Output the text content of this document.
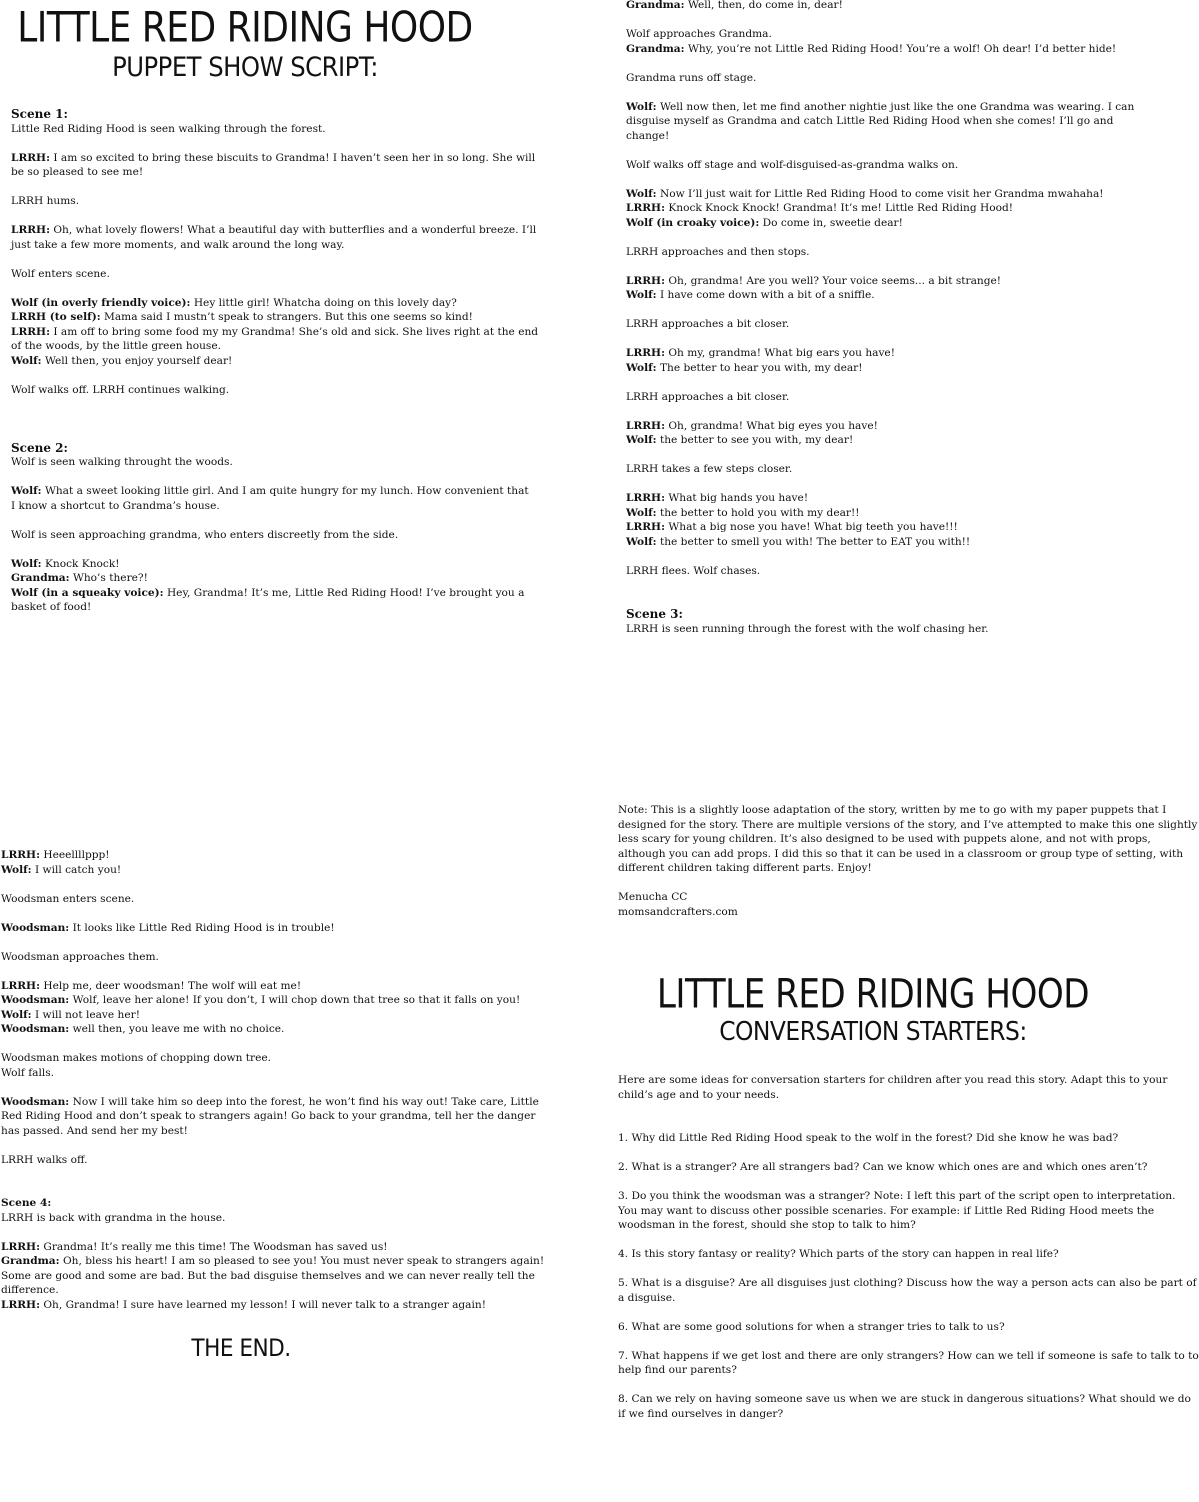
LITTLE RED RIDING HOOD
PUPPET SHOW SCRIPT:
Scene 1:
Little Red Riding Hood is seen walking through the forest.
LRRH: I am so excited to bring these biscuits to Grandma! I haven’t seen her in so long. She will
be so pleased to see me!
LRRH hums.
LRRH: Oh, what lovely flowers! What a beautiful day with butterflies and a wonderful breeze. I’ll
just take a few more moments, and walk around the long way.
Wolf enters scene.
Wolf (in overly friendly voice): Hey little girl! Whatcha doing on this lovely day?
LRRH (to self): Mama said I mustn’t speak to strangers. But this one seems so kind!
LRRH: I am off to bring some food my my Grandma! She’s old and sick. She lives right at the end
of the woods, by the little green house.
Wolf: Well then, you enjoy yourself dear!
Wolf walks off. LRRH continues walking.
Scene 2:
Wolf is seen walking throught the woods.
Wolf: What a sweet looking little girl. And I am quite hungry for my lunch. How convenient that
I know a shortcut to Grandma’s house.
Wolf is seen approaching grandma, who enters discreetly from the side.
Wolf: Knock Knock!
Grandma: Who’s there?!
Wolf (in a squeaky voice): Hey, Grandma! It’s me, Little Red Riding Hood! I’ve brought you a
basket of food!
Grandma: Well, then, do come in, dear!
Wolf approaches Grandma.
Grandma: Why, you’re not Little Red Riding Hood! You’re a wolf! Oh dear! I’d better hide!
Grandma runs off stage.
Wolf: Well now then, let me find another nightie just like the one Grandma was wearing. I can
disguise myself as Grandma and catch Little Red Riding Hood when she comes! I’ll go and
change!
Wolf walks off stage and wolf-disguised-as-grandma walks on.
Wolf: Now I’ll just wait for Little Red Riding Hood to come visit her Grandma mwahaha!
LRRH: Knock Knock Knock! Grandma! It’s me! Little Red Riding Hood!
Wolf (in croaky voice): Do come in, sweetie dear!
LRRH approaches and then stops.
LRRH: Oh, grandma! Are you well? Your voice seems... a bit strange!
Wolf: I have come down with a bit of a sniffle.
LRRH approaches a bit closer.
LRRH: Oh my, grandma! What big ears you have!
Wolf: The better to hear you with, my dear!
LRRH approaches a bit closer.
LRRH: Oh, grandma! What big eyes you have!
Wolf: the better to see you with, my dear!
LRRH takes a few steps closer.
LRRH: What big hands you have!
Wolf: the better to hold you with my dear!!
LRRH: What a big nose you have! What big teeth you have!!!
Wolf: the better to smell you with! The better to EAT you with!!
LRRH flees. Wolf chases.
Scene 3:
LRRH is seen running through the forest with the wolf chasing her.
LRRH: Heeellllppp!
Wolf: I will catch you!
Woodsman enters scene.
Woodsman: It looks like Little Red Riding Hood is in trouble!
Woodsman approaches them.
LRRH: Help me, deer woodsman! The wolf will eat me!
Woodsman: Wolf, leave her alone! If you don’t, I will chop down that tree so that it falls on you!
Wolf: I will not leave her!
Woodsman: well then, you leave me with no choice.
Woodsman makes motions of chopping down tree.
Wolf falls.
Woodsman: Now I will take him so deep into the forest, he won’t find his way out! Take care, Little
Red Riding Hood and don’t speak to strangers again! Go back to your grandma, tell her the danger
has passed. And send her my best!
LRRH walks off.
Scene 4:
LRRH is back with grandma in the house.
LRRH: Grandma! It’s really me this time! The Woodsman has saved us!
Grandma: Oh, bless his heart! I am so pleased to see you! You must never speak to strangers again!
Some are good and some are bad. But the bad disguise themselves and we can never really tell the
difference.
LRRH: Oh, Grandma! I sure have learned my lesson! I will never talk to a stranger again!
THE END.
Note: This is a slightly loose adaptation of the story, written by me to go with my paper puppets that I
designed for the story. There are multiple versions of the story, and I’ve attempted to make this one slightly
less scary for young children. It’s also designed to be used with puppets alone, and not with props,
although you can add props. I did this so that it can be used in a classroom or group type of setting, with
different children taking different parts. Enjoy!
Menucha CC
momsandcrafters.com
LITTLE RED RIDING HOOD
CONVERSATION STARTERS:
Here are some ideas for conversation starters for children after you read this story. Adapt this to your
child’s age and to your needs.
1. Why did Little Red Riding Hood speak to the wolf in the forest? Did she know he was bad?
2. What is a stranger? Are all strangers bad? Can we know which ones are and which ones aren’t?
3. Do you think the woodsman was a stranger? Note: I left this part of the script open to interpretation.
You may want to discuss other possible scenaries. For example: if Little Red Riding Hood meets the
woodsman in the forest, should she stop to talk to him?
4. Is this story fantasy or reality? Which parts of the story can happen in real life?
5. What is a disguise? Are all disguises just clothing? Discuss how the way a person acts can also be part of
a disguise.
6. What are some good solutions for when a stranger tries to talk to us?
7. What happens if we get lost and there are only strangers? How can we tell if someone is safe to talk to to
help find our parents?
8. Can we rely on having someone save us when we are stuck in dangerous situations? What should we do
if we find ourselves in danger?
